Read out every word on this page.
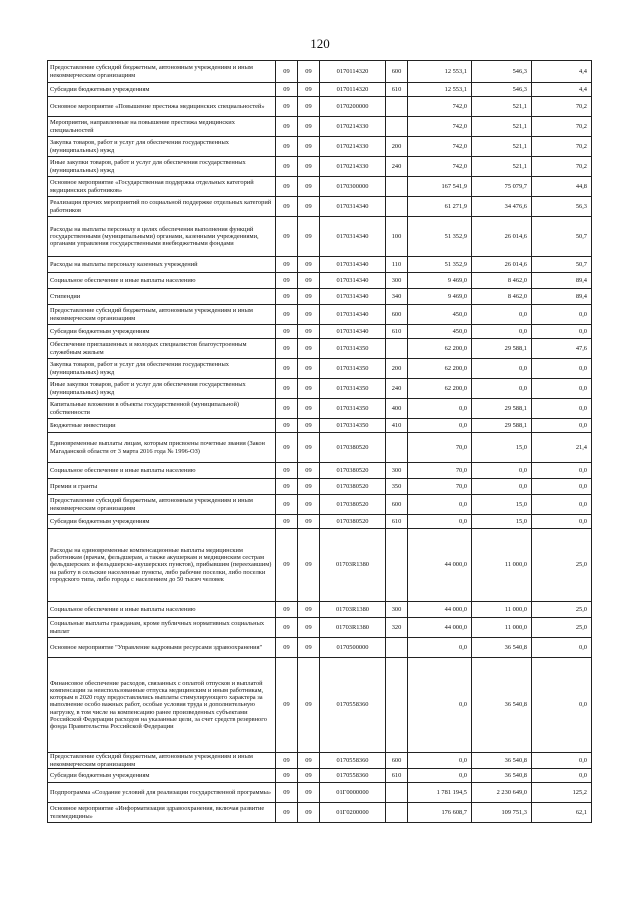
120
Предоставление субсидий бюджетным, автономным учреждениям и иным некоммерческим организациям	09	09	0170114320	600	12 553,1	546,3	4,4
Субсидии бюджетным учреждениям	09	09	0170114320	610	12 553,1	546,3	4,4
Основное мероприятие «Повышение престижа медицинских специальностей»	09	09	0170200000		742,0	521,1	70,2
Мероприятия, направленные на повышение престижа медицинских специальностей	09	09	0170214330		742,0	521,1	70,2
Закупка товаров, работ и услуг для обеспечения государственных (муниципальных) нужд	09	09	0170214330	200	742,0	521,1	70,2
Иные закупки товаров, работ и услуг для обеспечения государственных (муниципальных) нужд	09	09	0170214330	240	742,0	521,1	70,2
Основное мероприятие «Государственная поддержка отдельных категорий медицинских работников»	09	09	0170300000		167 541,9	75 079,7	44,8
Реализация прочих мероприятий по социальной поддержке отдельных категорий работников	09	09	0170314340		61 271,9	34 476,6	56,3
Расходы на выплаты персоналу в целях обеспечения выполнения функций государственными (муниципальными) органами, казенными учреждениями, органами управления государственными внебюджетными фондами	09	09	0170314340	100	51 352,9	26 014,6	50,7
Расходы на выплаты персоналу казенных учреждений	09	09	0170314340	110	51 352,9	26 014,6	50,7
Социальное обеспечение и иные выплаты населению	09	09	0170314340	300	9 469,0	8 462,0	89,4
Стипендии	09	09	0170314340	340	9 469,0	8 462,0	89,4
Предоставление субсидий бюджетным, автономным учреждениям и иным некоммерческим организациям	09	09	0170314340	600	450,0	0,0	0,0
Субсидии бюджетным учреждениям	09	09	0170314340	610	450,0	0,0	0,0
Обеспечение приглашенных и молодых специалистов благоустроенным служебным жильем	09	09	0170314350		62 200,0	29 588,1	47,6
Закупка товаров, работ и услуг для обеспечения государственных (муниципальных) нужд	09	09	0170314350	200	62 200,0	0,0	0,0
Иные закупки товаров, работ и услуг для обеспечения государственных (муниципальных) нужд	09	09	0170314350	240	62 200,0	0,0	0,0
Капитальные вложения в объекты государственной (муниципальной) собственности	09	09	0170314350	400	0,0	29 588,1	0,0
Бюджетные инвестиции	09	09	0170314350	410	0,0	29 588,1	0,0
Единовременные выплаты лицам, которым присвоены почетные звания (Закон Магаданской области от 3 марта 2016 года № 1996-ОЗ)	09	09	0170380520		70,0	15,0	21,4
Социальное обеспечение и иные выплаты населению	09	09	0170380520	300	70,0	0,0	0,0
Премии и гранты	09	09	0170380520	350	70,0	0,0	0,0
Предоставление субсидий бюджетным, автономным учреждениям и иным некоммерческим организациям	09	09	0170380520	600	0,0	15,0	0,0
Субсидии бюджетным учреждениям	09	09	0170380520	610	0,0	15,0	0,0
Расходы на единовременные компенсационные выплаты медицинским работникам (врачам, фельдшерам, а также акушеркам и медицинским сестрам фельдшерских и фельдшерско-акушерских пунктов), прибывшим (переехавшим) на работу в сельские населенные пункты, либо рабочие поселки, либо поселки городского типа, либо города с населением до 50 тысяч человек	09	09	01703R1380		44 000,0	11 000,0	25,0
Социальное обеспечение и иные выплаты населению	09	09	01703R1380	300	44 000,0	11 000,0	25,0
Социальные выплаты гражданам, кроме публичных нормативных социальных выплат	09	09	01703R1380	320	44 000,0	11 000,0	25,0
Основное мероприятие "Управление кадровыми ресурсами здравоохранения"	09	09	0170500000		0,0	36 540,8	0,0
Финансовое обеспечение расходов, связанных с оплатой отпусков и выплатой компенсации за неиспользованные отпуска медицинским и иным работникам, которым в 2020 году предоставлялись выплаты стимулирующего характера за выполнение особо важных работ, особые условия труда и дополнительную нагрузку, в том числе на компенсацию ранее произведенных субъектами Российской Федерации расходов на указанные цели, за счет средств резервного фонда Правительства Российской Федерации	09	09	0170558360		0,0	36 540,8	0,0
Предоставление субсидий бюджетным, автономным учреждениям и иным некоммерческим организациям	09	09	0170558360	600	0,0	36 540,8	0,0
Субсидии бюджетным учреждениям	09	09	0170558360	610	0,0	36 540,8	0,0
Подпрограмма «Создание условий для реализации государственной программы»	09	09	01Г0000000		1 781 194,5	2 230 649,0	125,2
Основное мероприятие «Информатизация здравоохранения, включая развитие телемедицины»	09	09	01Г0200000		176 608,7	109 751,3	62,1
